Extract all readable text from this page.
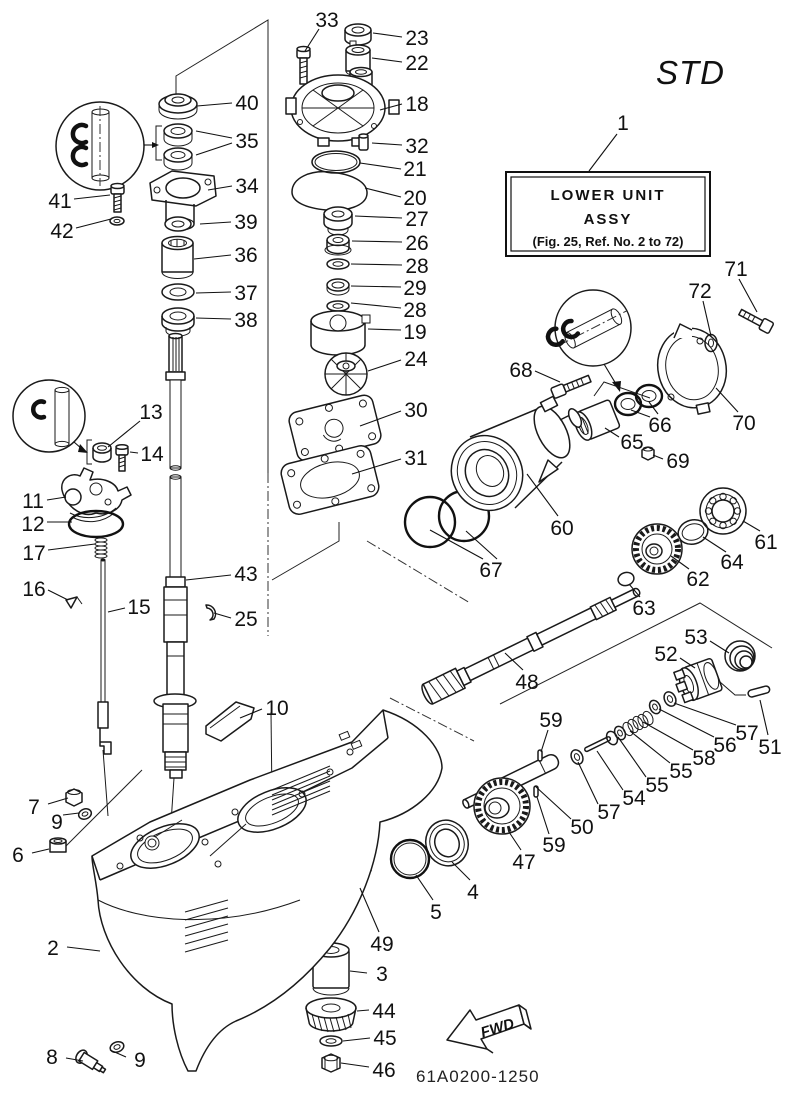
STD
LOWER UNIT
ASSY
(Fig. 25, Ref. No. 2 to 72)
FWD
61A0200-1250
1
33
23
22
40	18
35	32
34
21
41	20
42	39	27
36
26
28
37	29
38	28
19
24
30
31
71
72
68
66
65
70
69
60
61
64
62
63
67
13
14
11
12
17
43
16
15
25
10
53
52
48
59
51
57
56
58
55
55
54
57
50
59
47
4
5
49
3
44
45
46
2
7
9
6
8	9
